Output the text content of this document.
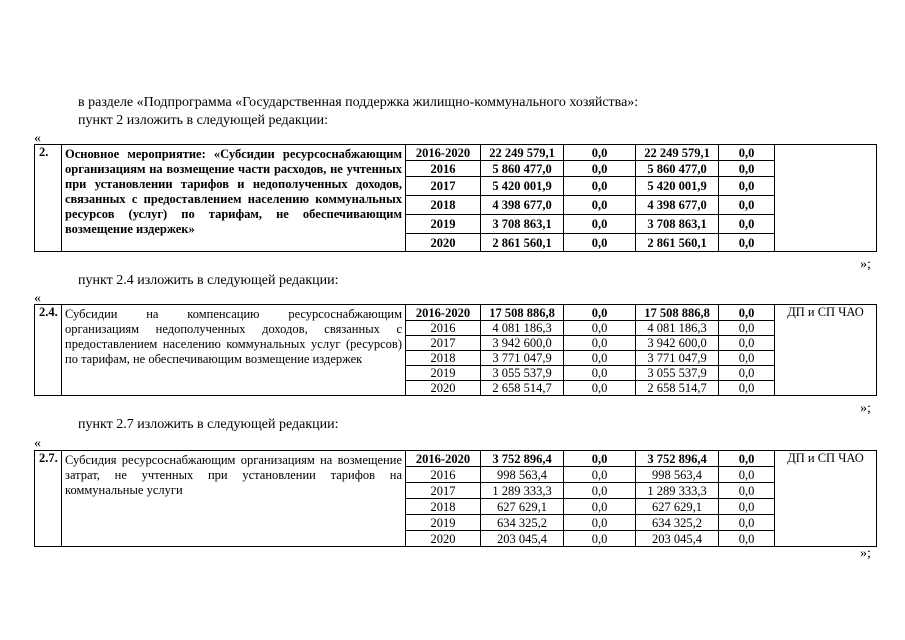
в разделе «Подпрограмма «Государственная поддержка жилищно-коммунального хозяйства»:
пункт 2 изложить в следующей редакции:
«
2.	Основное мероприятие: «Субсидии ресурсоснабжающим организациям на возмещение части расходов, не учтенных при установлении тарифов и недополученных доходов, связанных с предоставлением населению коммунальных ресурсов (услуг) по тарифам, не обеспечивающим возмещение издержек»	2016-2020	22 249 579,1	0,0	22 249 579,1	0,0	
		2016	5 860 477,0	0,0	5 860 477,0	0,0	
		2017	5 420 001,9	0,0	5 420 001,9	0,0	
		2018	4 398 677,0	0,0	4 398 677,0	0,0	
		2019	3 708 863,1	0,0	3 708 863,1	0,0	
		2020	2 861 560,1	0,0	2 861 560,1	0,0	
»;
пункт 2.4 изложить в следующей редакции:
«
2.4.	Субсидии на компенсацию ресурсоснабжающим организациям недополученных доходов, связанных с предоставлением населению коммунальных услуг (ресурсов) по тарифам, не обеспечивающим возмещение издержек	2016-2020	17 508 886,8	0,0	17 508 886,8	0,0	ДП и СП ЧАО
		2016	4 081 186,3	0,0	4 081 186,3	0,0	
		2017	3 942 600,0	0,0	3 942 600,0	0,0	
		2018	3 771 047,9	0,0	3 771 047,9	0,0	
		2019	3 055 537,9	0,0	3 055 537,9	0,0	
		2020	2 658 514,7	0,0	2 658 514,7	0,0	
»;
пункт 2.7 изложить в следующей редакции:
«
2.7.	Субсидия ресурсоснабжающим организациям на возмещение затрат, не учтенных при установлении тарифов на коммунальные услуги	2016-2020	3 752 896,4	0,0	3 752 896,4	0,0	ДП и СП ЧАО
		2016	998 563,4	0,0	998 563,4	0,0	
		2017	1 289 333,3	0,0	1 289 333,3	0,0	
		2018	627 629,1	0,0	627 629,1	0,0	
		2019	634 325,2	0,0	634 325,2	0,0	
		2020	203 045,4	0,0	203 045,4	0,0	
»;
